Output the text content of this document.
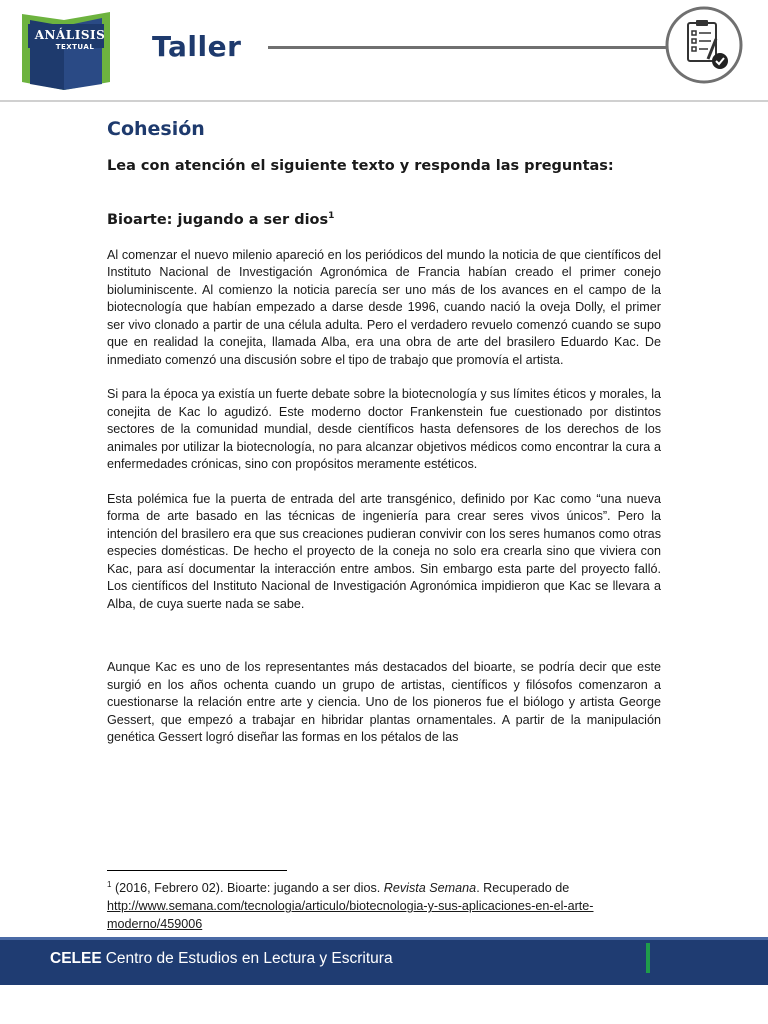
ANÁLISIS
TEXTUAL Taller
Cohesión
Lea con atención el siguiente texto y responda las preguntas:
Bioarte: jugando a ser dios$^1$

Al comenzar el nuevo milenio apareció en los periódicos del mundo la noticia de que científicos del Instituto Nacional de Investigación Agronómica de Francia habían creado el primer conejo bioluminiscente. Al comienzo la noticia parecía ser uno más de los avances en el campo de la biotecnología que habían empezado a darse desde 1996, cuando nació la oveja Dolly, el primer ser vivo clonado a partir de una célula adulta. Pero el verdadero revuelo comenzó cuando se supo que en realidad la conejita, llamada Alba, era una obra de arte del brasilero Eduardo Kac. De inmediato comenzó una discusión sobre el tipo de trabajo que promovía el artista.

Si para la época ya existía un fuerte debate sobre la biotecnología y sus límites éticos y morales, la conejita de Kac lo agudizó. Este moderno doctor Frankenstein fue cuestionado por distintos sectores de la comunidad mundial, desde científicos hasta defensores de los derechos de los animales por utilizar la biotecnología, no para alcanzar objetivos médicos como encontrar la cura a enfermedades crónicas, sino con propósitos meramente estéticos.

Esta polémica fue la puerta de entrada del arte transgénico, definido por Kac como “una nueva forma de arte basado en las técnicas de ingeniería para crear seres vivos únicos”. Pero la intención del brasilero era que sus creaciones pudieran convivir con los seres humanos como otras especies domésticas. De hecho el proyecto de la coneja no solo era crearla sino que viviera con Kac, para así documentar la interacción entre ambos. Sin embargo esta parte del proyecto falló. Los científicos del Instituto Nacional de Investigación Agronómica impidieron que Kac se llevara a Alba, de cuya suerte nada se sabe.

Aunque Kac es uno de los representantes más destacados del bioarte, se podría decir que este surgió en los años ochenta cuando un grupo de artistas, científicos y filósofos comenzaron a cuestionarse la relación entre arte y ciencia. Uno de los pioneros fue el biólogo y artista George Gessert, que empezó a trabajar en hibridar plantas ornamentales. A partir de la manipulación genética Gessert logró diseñar las formas en los pétalos de las

$^1$ (2016, Febrero 02). Bioarte: jugando a ser dios. Revista Semana. Recuperado de
http://www.semana.com/tecnologia/articulo/biotecnologia-y-sus-aplicaciones-en-el-arte-moderno/459006
CELEE Centro de Estudios en Lectura y Escritura
